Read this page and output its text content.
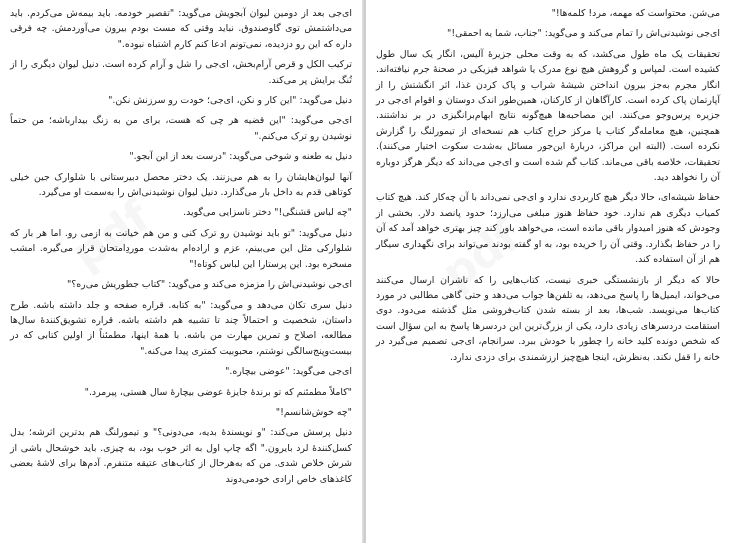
ای‌جی بعد از دومین لیوان آبجویش می‌گوید: "تقصیر خودمه. باید بیمه‌ش می‌کردم. باید می‌داشتمش توی گاوصندوق. نباید وقتی که مست بودم بیرون می‌آوردمش. چه فرقی داره که این رو دزدیده، نمی‌تونم ادعا کنم کارم اشتباه نبوده."

ترکیب الکل و قرص آرام‌بخش، ای‌جی را شل و آرام کرده است. دنیل لیوان دیگری را از تُنگ برایش پر می‌کند.

دنیل می‌گوید: "این کار و نکن، ای‌جی؛ خودت رو سرزنش نکن."

ای‌جی می‌گوید: "این قضیه هر چی که هست، برای من به زنگ بیدارباشه؛ من حتماً نوشیدن رو ترک می‌کنم."

دنیل به طعنه و شوخی می‌گوید: "درست بعد از این آبجو."

آنها لیوان‌هایشان را به هم می‌زنند. یک دختر محصل دبیرستانی با شلوارک جین خیلی کوتاهی قدم به داخل بار می‌گذارد. دنیل لیوان نوشیدنی‌اش را به‌سمت او می‌گیرد.

"چه لباس قشنگی!" دختر ناسزایی می‌گوید.

دنیل می‌گوید: "تو باید نوشیدن رو ترک کنی و من هم خیانت به ازمی رو. اما هر بار که شلوارکی مثل این می‌بینم، عزم و اراده‌ام به‌شدت موردِامتحان قرار می‌گیره. امشب مسخره بود. این پرستارا این لباس کوتاه!"

ای‌جی نوشیدنی‌اش را مزمزه می‌کند و می‌گوید: "کتاب جطوریش می‌ره؟"

دنیل سری تکان می‌دهد و می‌گوید: "به کتابه. قراره صفحه و جلد داشته باشه. طرح داستان، شخصیت و احتمالاً چند تا تشبیه هم داشته باشه. قراره تشویق‌کنندهٔ سال‌ها مطالعه، اصلاح و تمرین مهارت من باشه. با همهٔ اینها، مطمئناً از اولین کتابی که در بیست‌وپنج‌سالگی نوشتم، محبوبیت کمتری پیدا می‌کنه."

ای‌جی می‌گوید: "عوضی بیچاره."

"کاملاً مطمئنم که تو برندهٔ جایزهٔ عوضی بیچارهٔ سال هستی، پیرمرد."

"چه خوش‌شانسم!"

دنیل پرسش می‌کند: "و نویسندهٔ بدیه، می‌دونی؟" و تیمورلنگ هم بدترین اثرشه؛ بدل کسل‌کنندهٔ لرد بایرون." اگه چاپ اول به اثر خوب بود، به چیزی. باید خوشحال باشی از شرش خلاص شدی. من که به‌هرحال از کتاب‌های عتیقه متنفرم. آدم‌ها برای لاشهٔ بعضی کاغذهای خاص ارادی خودمی‌دوند

می‌شن. محتواست که مهمه، مرد! کلمه‌ها!"

ای‌جی نوشیدنی‌اش را تمام می‌کند و می‌گوید: "جناب، شما یه احمقی!"

تحقیقات یک ماه طول می‌کشد، که به وقت محلی جزیرهٔ آلیس، انگار یک سال طول کشیده است. لمپاس و گروهش هیچ نوع مدرک یا شواهد فیزیکی در صحنهٔ جرم نیافته‌اند. انگار مجرم به‌جز بیرون انداختن شیشهٔ شراب و پاک کردن غذا، اثر انگشتش را از آپارتمان پاک کرده است. کارآگاهان از کارکنان، همین‌طور اندک دوستان و اقوام ای‌جی در جزیره پرس‌وجو می‌کنند. این مصاحبه‌ها هیچ‌گونه نتایج ابهام‌برانگیزی در بر نداشتند. همچنین، هیچ معامله‌گر کتاب یا مرکز حراج کتاب هم نسخه‌ای از تیمورلنگ را گزارش نکرده است. (البته این مراکز، دربارهٔ این‌جور مسائل به‌شدت سکوت اختیار می‌کنند). تحقیقات، خلاصه باقی می‌ماند. کتاب گم شده است و ای‌جی می‌داند که دیگر هرگز دوباره آن را نخواهد دید.

حفاظ شیشه‌ای، حالا دیگر هیچ کاربردی ندارد و ای‌جی نمی‌داند با آن چه‌کار کند. هیچ کتاب کمیاب دیگری هم ندارد. خود حفاظ هنوز مبلغی می‌ارزد؛ حدود پانصد دلار. بخشی از وجودش که هنوز امیدوار باقی مانده است، می‌خواهد باور کند چیز بهتری خواهد آمد که آن را در حفاظ بگذارد. وقتی آن را خریده بود، به او گفته بودند می‌تواند برای نگهداری سیگار هم از آن استفاده کند.

حالا که دیگر از بازنشستگی خبری نیست، کتاب‌هایی را که ناشران ارسال می‌کنند می‌خواند، ایمیل‌ها را پاسخ می‌دهد، به تلفن‌ها جواب می‌دهد و حتی گاهی مطالبی در مورد کتاب‌ها می‌نویسد. شب‌ها، بعد از بسته شدن کتاب‌فروشی مثل گذشته می‌دود. دوی استقامت دردسرهای زیادی دارد، یکی از بزرگ‌ترین این دردسرها پاسخ به این سؤال است که شخص دونده کلید خانه را چطور با خودش ببرد. سرانجام، ای‌جی تصمیم می‌گیرد در خانه را قفل نکند. به‌نظرش، اینجا هیچ‌چیز ارزشمندی برای دزدی ندارد.
